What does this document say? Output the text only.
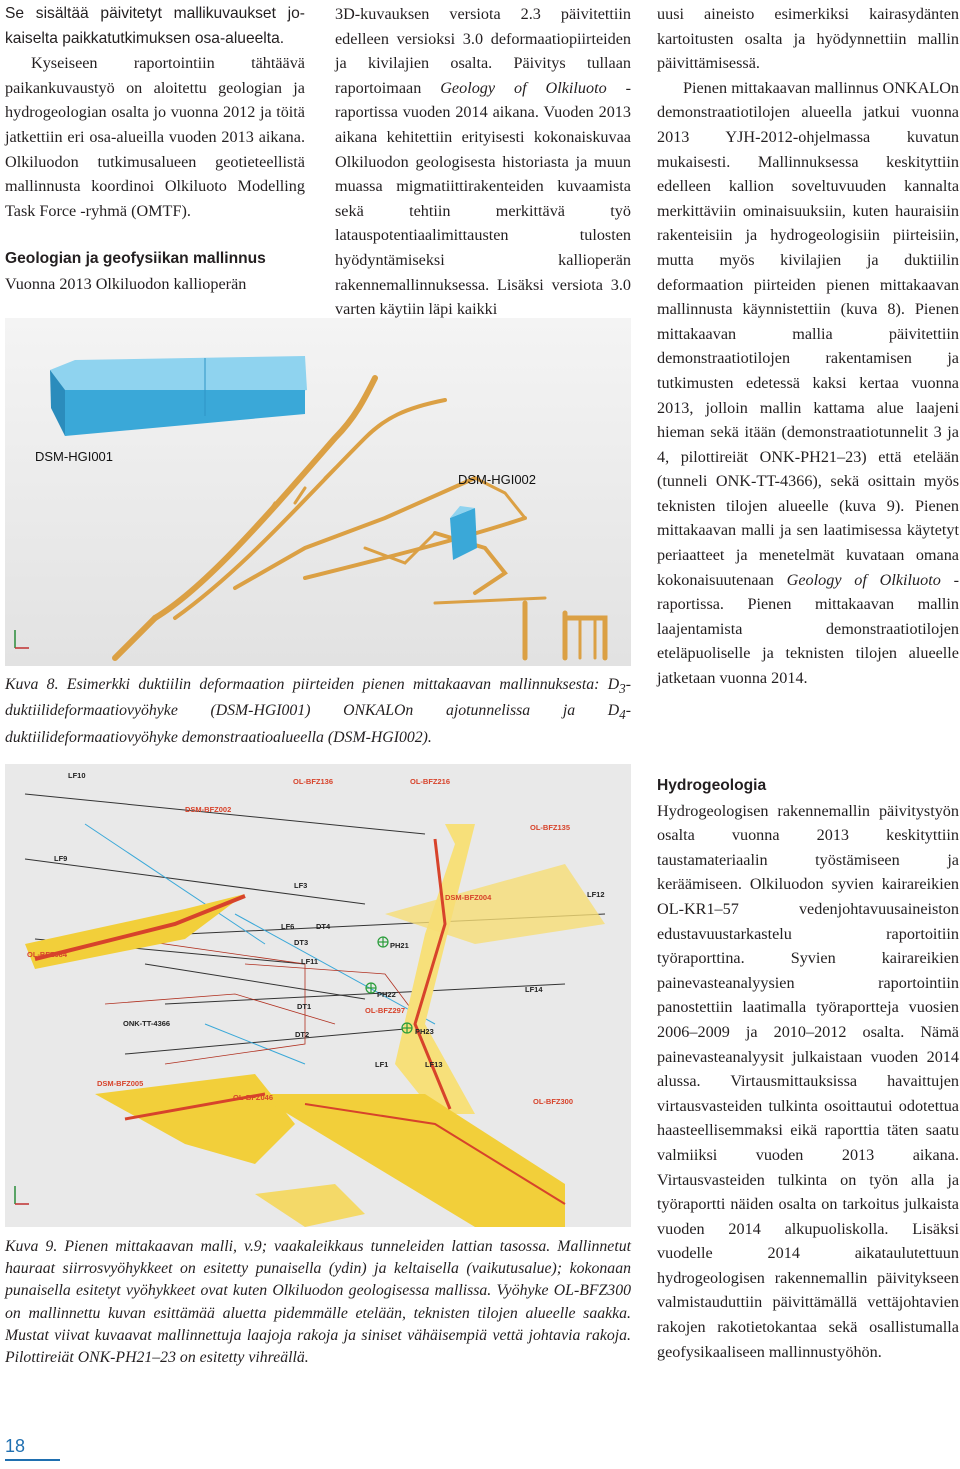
Se sisältää päivitetyt mallikuvaukset jokaiselta paikkatutkimuksen osa-alueelta.

Kyseiseen raportointiin tähtäävä paikankuvaustyö on aloitettu geologian ja hydrogeologian osalta jo vuonna 2012 ja töitä jatkettiin eri osa-alueilla vuoden 2013 aikana. Olkiluodon tutkimusalueen geotieteellistä mallinnusta koordinoi Olkiluoto Modelling Task Force -ryhmä (OMTF).

Geologian ja geofysiikan mallinnus

Vuonna 2013 Olkiluodon kallioperän

3D-kuvauksen versiota 2.3 päivitettiin edelleen versioksi 3.0 deformaatiopiirteiden ja kivilajien osalta. Päivitys tullaan raportoimaan Geology of Olkiluoto -raportissa vuoden 2014 aikana. Vuoden 2013 aikana kehitettiin erityisesti kokonaiskuvaa Olkiluodon geologisesta historiasta ja muun muassa migmatiittirakenteiden kuvaamista sekä tehtiin merkittävä työ latauspotentiaalimittausten tulosten hyödyntämiseksi kallioperän rakennemallinnuksessa. Lisäksi versiota 3.0 varten käytiin läpi kaikki

uusi aineisto esimerkiksi kairasydänten kartoitusten osalta ja hyödynnettiin mallin päivittämisessä.

Pienen mittakaavan mallinnus ONKALOn demonstraatiotilojen alueella jatkui vuonna 2013 YJH-2012-ohjelmassa kuvatun mukaisesti. Mallinnuksessa keskityttiin edelleen kallion soveltuvuuden kannalta merkittäviin ominaisuuksiin, kuten hauraisiin rakenteisiin ja hydrogeologisiin piirteisiin, mutta myös kivilajien ja duktiilin deformaation piirteiden pienen mittakaavan mallinnusta käynnistettiin (kuva 8). Pienen mittakaavan mallia päivitettiin demonstraatiotilojen rakentamisen ja tutkimusten edetessä kaksi kertaa vuonna 2013, jolloin mallin kattama alue laajeni hieman sekä itään (demonstraatiotunnelit 3 ja 4, pilottireiät ONK-PH21–23) että etelään (tunneli ONK-TT-4366), sekä osittain myös teknisten tilojen alueelle (kuva 9). Pienen mittakaavan malli ja sen laatimisessa käytetyt periaatteet ja menetelmät kuvataan omana kokonaisuutenaan Geology of Olkiluoto -raportissa. Pienen mittakaavan mallin laajentamista demonstraatiotilojen eteläpuoliselle ja teknisten tilojen alueelle jatketaan vuonna 2014.

Hydrogeologia

Hydrogeologisen rakennemallin päivitystyön osalta vuonna 2013 keskityttiin taustamateriaalin työstämiseen ja keräämiseen. Olkiluodon syvien kairareikien OL-KR1–57 vedenjohtavuusaineiston edustavuustarkastelu raportoitiin työraporttina. Syvien kairareikien painevasteanalyysien raportointiin panostettiin laatimalla työraportteja vuosien 2006–2009 ja 2010–2012 osalta. Nämä painevasteanalyysit julkaistaan vuoden 2014 alussa. Virtausmittauksissa havaittujen virtausvasteiden tulkinta osoittautui odotettua haasteellisemmaksi eikä raporttia täten saatu valmiiksi vuoden 2013 aikana. Virtausvasteiden tulkinta on työn alla ja työraportti näiden osalta on tarkoitus julkaista vuoden 2014 alkupuoliskolla. Lisäksi vuodelle 2014 aikataulutettuun hydrogeologisen rakennemallin päivitykseen valmistauduttiin päivittämällä vettäjohtavien rakojen rakotietokantaa sekä osallistumalla geofysikaaliseen mallinnustyöhön.

DSM-HGI001
DSM-HGI002
Kuva 8. Esimerkki duktiilin deformaation piirteiden pienen mittakaavan mallinnuksesta: $D_3$-duktiilideformaatiovyöhyke (DSM-HGI001) ONKALOn ajotunnelissa ja $D_4$-duktiilideformaatiovyöhyke demonstraatioalueella (DSM-HGI002).
LF10
OL-BFZ136	OL-BFZ216
DSM-BFZ002
OL-BFZ135
LF9
LF3
DSM-BFZ004	LF12
LF6	DT4
DT3	PH21
OL-BFZ084
LF11
LF14
PH22
OL-BFZ297
DT1
ONK-TT-4366
DT2	PH23
LF1	LF13
DSM-BFZ005
OL-BFZ046	OL-BFZ300

Kuva 9. Pienen mittakaavan malli, v.9; vaakaleikkaus tunneleiden lattian tasossa. Mallinnetut hauraat siirrosvyöhykkeet on esitetty punaisella (ydin) ja keltaisella (vaikutusalue); kokonaan punaisella esitetyt vyöhykkeet ovat kuten Olkiluodon geologisessa mallissa. Vyöhyke OL-BFZ300 on mallinnettu kuvan esittämää aluetta pidemmälle etelään, teknisten tilojen alueelle saakka. Mustat viivat kuvaavat mallinnettuja laajoja rakoja ja siniset vähäisempiä vettä johtavia rakoja. Pilottireiät ONK-PH21–23 on esitetty vihreällä.

18
